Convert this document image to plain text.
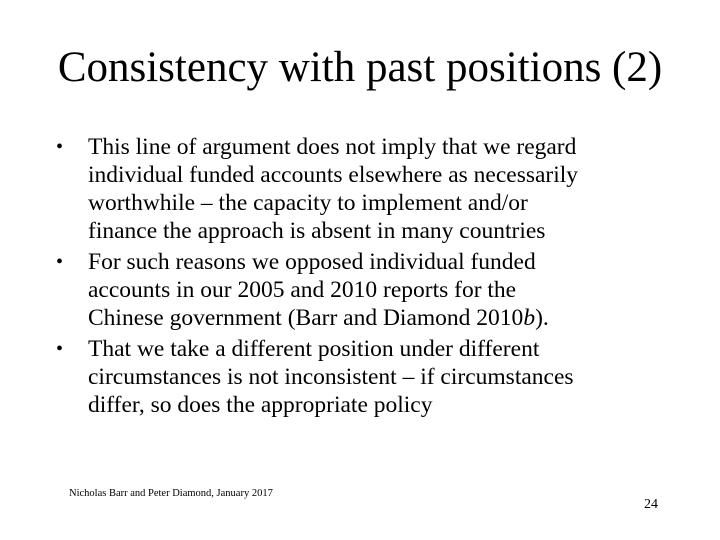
Consistency with past positions (2)
• This line of argument does not imply that we regard
individual funded accounts elsewhere as necessarily
worthwhile – the capacity to implement and/or
finance the approach is absent in many countries
• For such reasons we opposed individual funded
accounts in our 2005 and 2010 reports for the
Chinese government (Barr and Diamond 2010b).
• That we take a different position under different
circumstances is not inconsistent – if circumstances
differ, so does the appropriate policy
Nicholas Barr and Peter Diamond, January 2017
24
